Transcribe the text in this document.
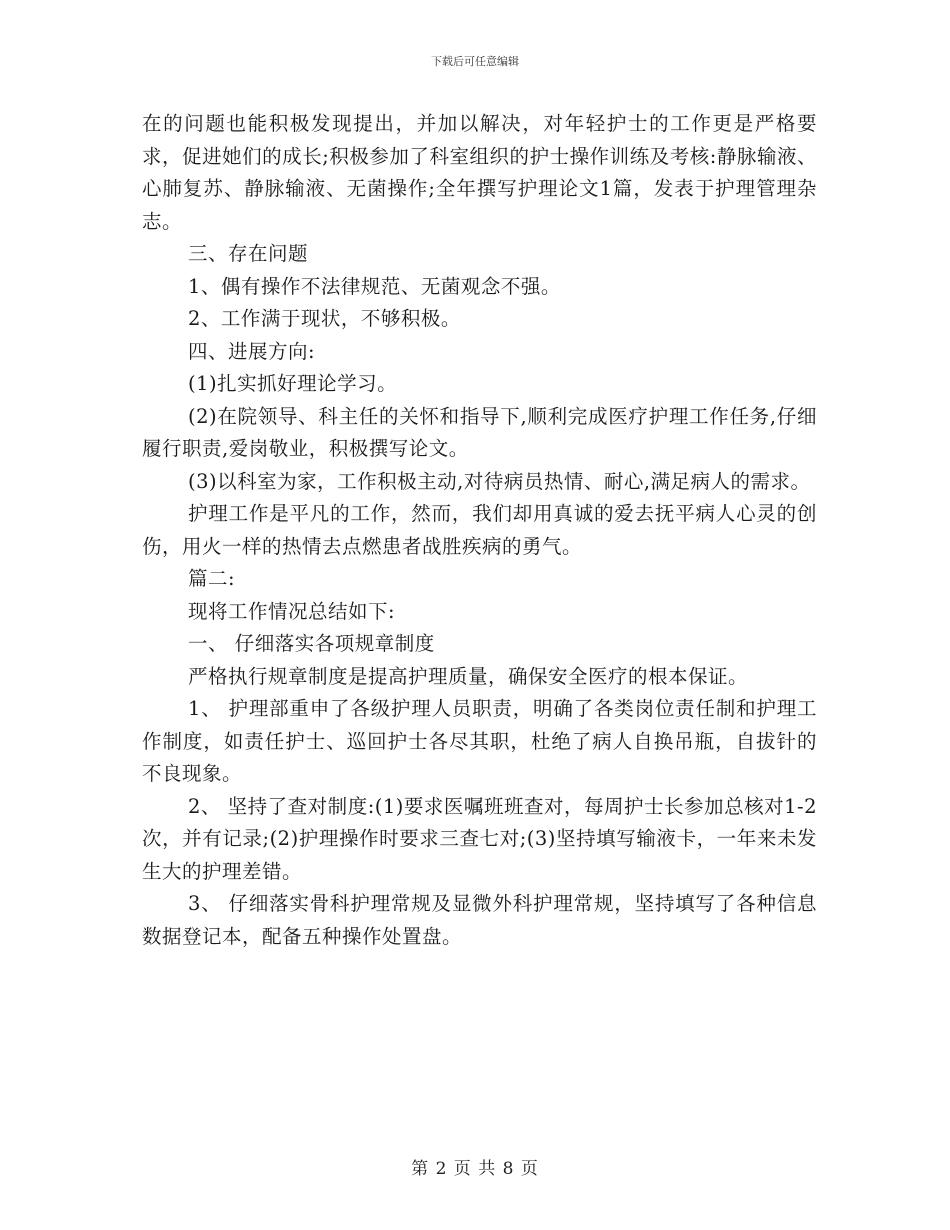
下载后可任意编辑

在的问题也能积极发现提出，并加以解决，对年轻护士的工作更是严格要求，促进她们的成长;积极参加了科室组织的护士操作训练及考核:静脉输液、心肺复苏、静脉输液、无菌操作;全年撰写护理论文1篇，发表于护理管理杂志。

三、存在问题

1、偶有操作不法律规范、无菌观念不强。

2、工作满于现状，不够积极。

四、进展方向:

(1)扎实抓好理论学习。

(2)在院领导、科主任的关怀和指导下,顺利完成医疗护理工作任务,仔细履行职责,爱岗敬业，积极撰写论文。

(3)以科室为家，工作积极主动,对待病员热情、耐心,满足病人的需求。

护理工作是平凡的工作，然而，我们却用真诚的爱去抚平病人心灵的创伤，用火一样的热情去点燃患者战胜疾病的勇气。

篇二:

现将工作情况总结如下:

一、 仔细落实各项规章制度

严格执行规章制度是提高护理质量，确保安全医疗的根本保证。

1、 护理部重申了各级护理人员职责，明确了各类岗位责任制和护理工作制度，如责任护士、巡回护士各尽其职，杜绝了病人自换吊瓶，自拔针的不良现象。

2、 坚持了查对制度:(1)要求医嘱班班查对，每周护士长参加总核对1-2次，并有记录;(2)护理操作时要求三查七对;(3)坚持填写输液卡，一年来未发生大的护理差错。

3、 仔细落实骨科护理常规及显微外科护理常规，坚持填写了各种信息数据登记本，配备五种操作处置盘。

第 2 页 共 8 页
